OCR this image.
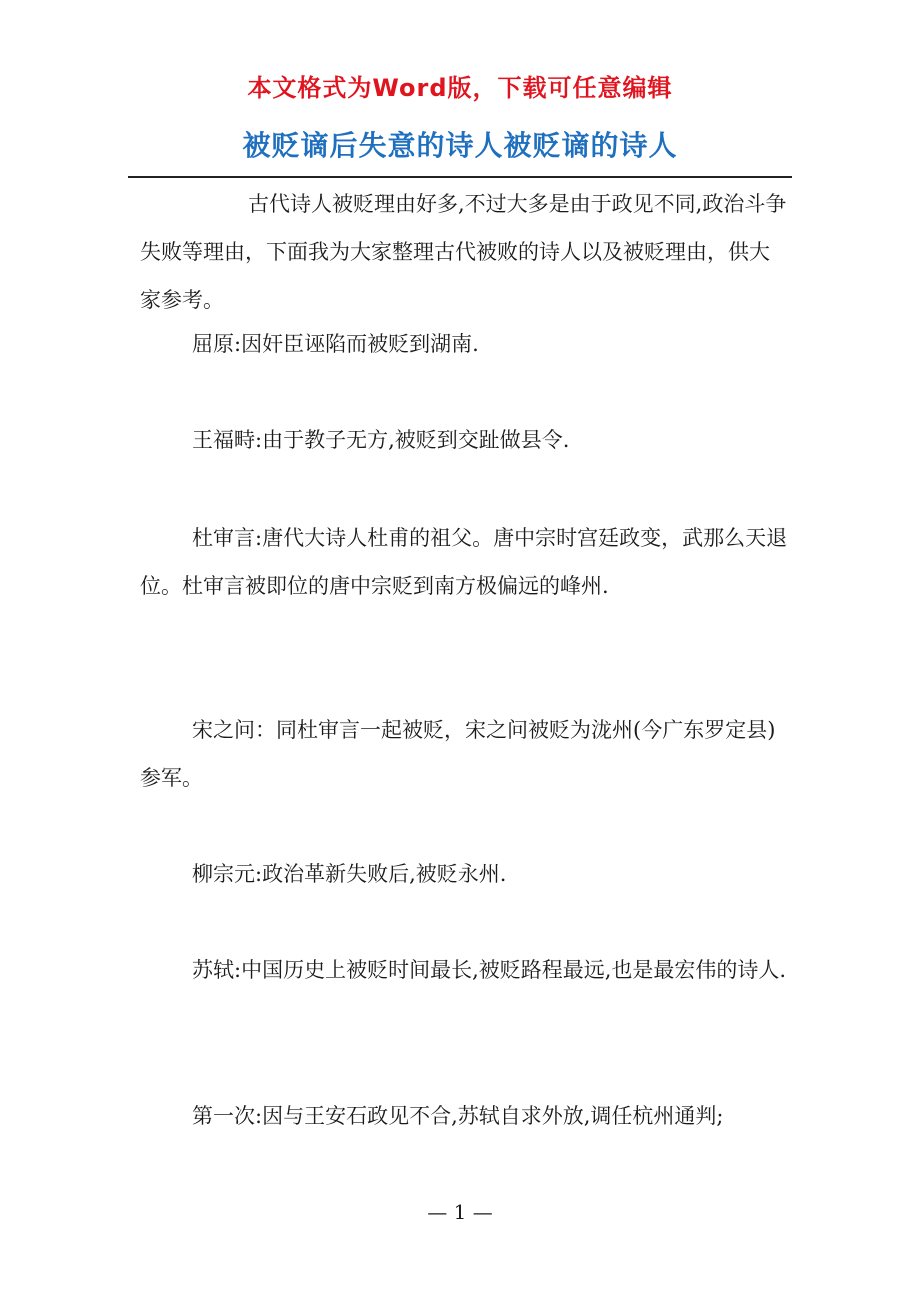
本文格式为Word版，下载可任意编辑
被贬谪后失意的诗人被贬谪的诗人

古代诗人被贬理由好多,不过大多是由于政见不同,政治斗争失败等理由，下面我为大家整理古代被败的诗人以及被贬理由，供大家参考。

屈原:因奸臣诬陷而被贬到湖南.

王福畤:由于教子无方,被贬到交趾做县令.

杜审言:唐代大诗人杜甫的祖父。唐中宗时宫廷政变，武那么天退位。杜审言被即位的唐中宗贬到南方极偏远的峰州.

宋之问：同杜审言一起被贬，宋之问被贬为泷州(今广东罗定县)参军。

柳宗元:政治革新失败后,被贬永州.

苏轼:中国历史上被贬时间最长,被贬路程最远,也是最宏伟的诗人.

第一次:因与王安石政见不合,苏轼自求外放,调任杭州通判;

— 1 —
